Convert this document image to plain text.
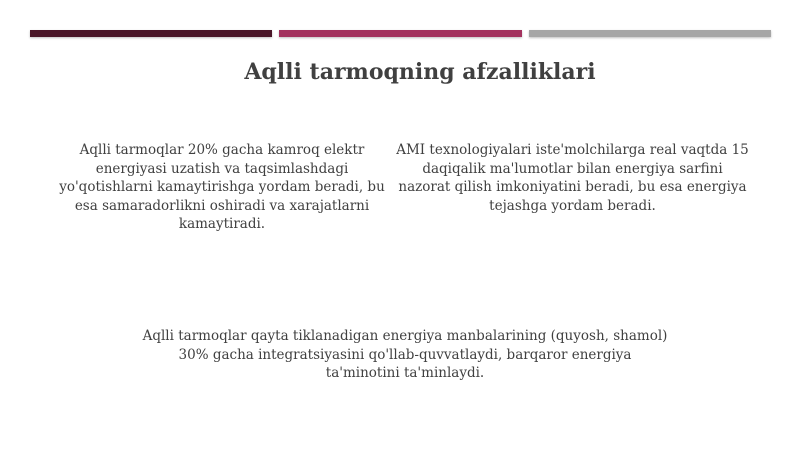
Aqlli tarmoqning afzalliklari
Aqlli tarmoqlar 20% gacha kamroq elektr energiyasi uzatish va taqsimlashdagi yo'qotishlarni kamaytirishga yordam beradi, bu esa samaradorlikni oshiradi va xarajatlarni kamaytiradi.
AMI texnologiyalari iste'molchilarga real vaqtda 15 daqiqalik ma'lumotlar bilan energiya sarfini nazorat qilish imkoniyatini beradi, bu esa energiya tejashga yordam beradi.
Aqlli tarmoqlar qayta tiklanadigan energiya manbalarining (quyosh, shamol) 30% gacha integratsiyasini qo'llab-quvvatlaydi, barqaror energiya ta'minotini ta'minlaydi.
